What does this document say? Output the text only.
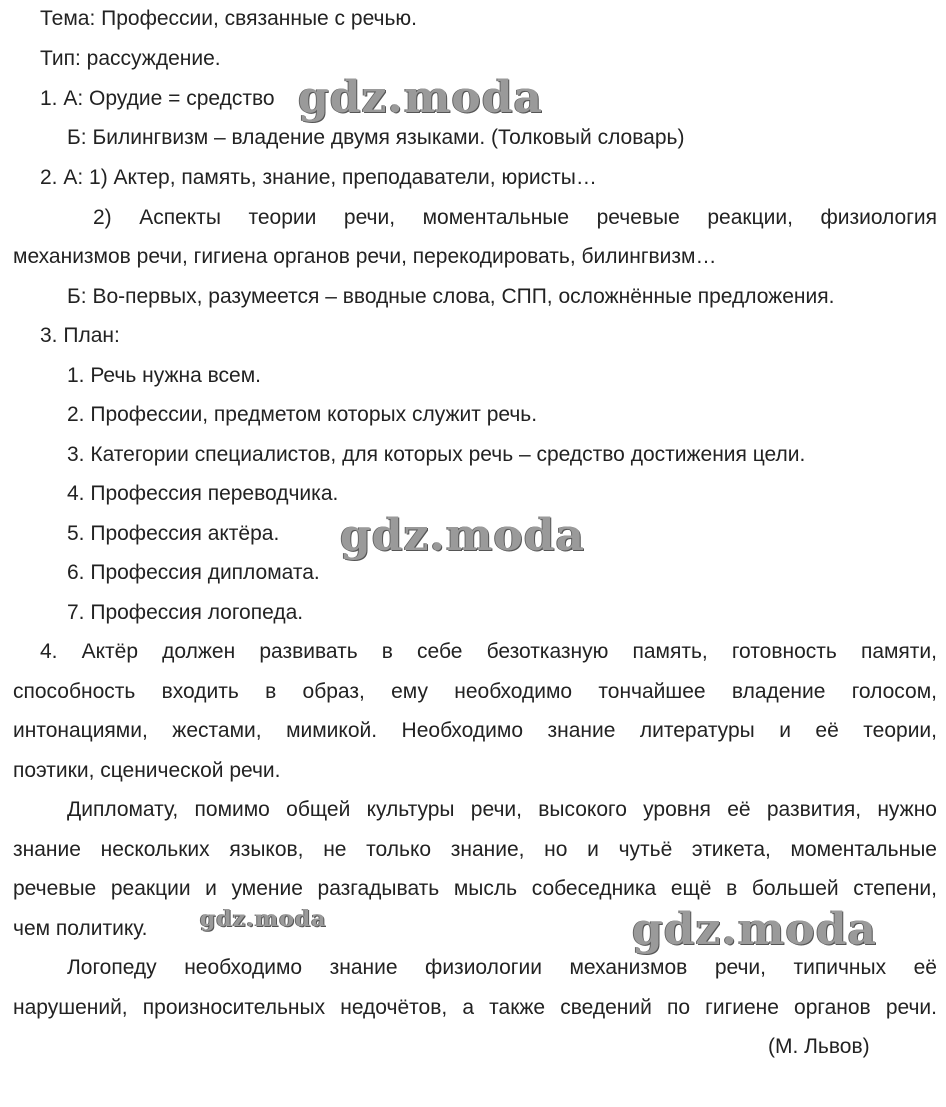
Тема: Профессии, связанные с речью.
Тип: рассуждение.
1. А: Орудие = средство
Б: Билингвизм – владение двумя языками. (Толковый словарь)
2. А: 1) Актер, память, знание, преподаватели, юристы…
2) Аспекты теории речи, моментальные речевые реакции, физиология
механизмов речи, гигиена органов речи, перекодировать, билингвизм…
Б: Во-первых, разумеется – вводные слова, СПП, осложнённые предложения.
3. План:
1. Речь нужна всем.
2. Профессии, предметом которых служит речь.
3. Категории специалистов, для которых речь – средство достижения цели.
4. Профессия переводчика.
5. Профессия актёра.
6. Профессия дипломата.
7. Профессия логопеда.
4. Актёр должен развивать в себе безотказную память, готовность памяти,
способность входить в образ, ему необходимо тончайшее владение голосом,
интонациями, жестами, мимикой. Необходимо знание литературы и её теории,
поэтики, сценической речи.
Дипломату, помимо общей культуры речи, высокого уровня её развития, нужно
знание нескольких языков, не только знание, но и чутьё этикета, моментальные
речевые реакции и умение разгадывать мысль собеседника ещё в большей степени,
чем политику.
Логопеду необходимо знание физиологии механизмов речи, типичных её
нарушений, произносительных недочётов, а также сведений по гигиене органов речи.
(М. Львов)
gdz.moda
gdz.moda
gdz.moda	gdz.moda
